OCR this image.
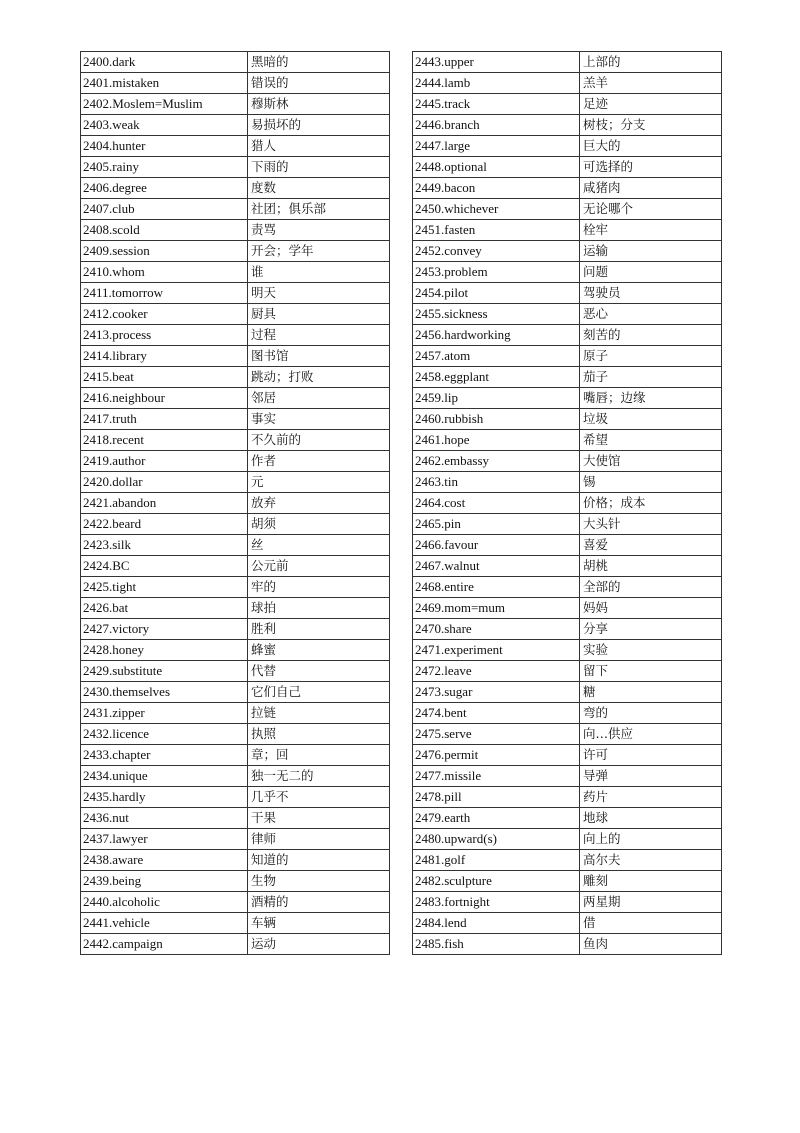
2400.dark	黑暗的
2401.mistaken	错误的
2402.Moslem=Muslim	穆斯林
2403.weak	易损坏的
2404.hunter	猎人
2405.rainy	下雨的
2406.degree	度数
2407.club	社团；俱乐部
2408.scold	责骂
2409.session	开会；学年
2410.whom	谁
2411.tomorrow	明天
2412.cooker	厨具
2413.process	过程
2414.library	图书馆
2415.beat	跳动；打败
2416.neighbour	邻居
2417.truth	事实
2418.recent	不久前的
2419.author	作者
2420.dollar	元
2421.abandon	放弃
2422.beard	胡须
2423.silk	丝
2424.BC	公元前
2425.tight	牢的
2426.bat	球拍
2427.victory	胜利
2428.honey	蜂蜜
2429.substitute	代替
2430.themselves	它们自己
2431.zipper	拉链
2432.licence	执照
2433.chapter	章；回
2434.unique	独一无二的
2435.hardly	几乎不
2436.nut	干果
2437.lawyer	律师
2438.aware	知道的
2439.being	生物
2440.alcoholic	酒精的
2441.vehicle	车辆
2442.campaign	运动
2443.upper	上部的
2444.lamb	羔羊
2445.track	足迹
2446.branch	树枝；分支
2447.large	巨大的
2448.optional	可选择的
2449.bacon	咸猪肉
2450.whichever	无论哪个
2451.fasten	栓牢
2452.convey	运输
2453.problem	问题
2454.pilot	驾驶员
2455.sickness	恶心
2456.hardworking	刻苦的
2457.atom	原子
2458.eggplant	茄子
2459.lip	嘴唇；边缘
2460.rubbish	垃圾
2461.hope	希望
2462.embassy	大使馆
2463.tin	锡
2464.cost	价格；成本
2465.pin	大头针
2466.favour	喜爱
2467.walnut	胡桃
2468.entire	全部的
2469.mom=mum	妈妈
2470.share	分享
2471.experiment	实验
2472.leave	留下
2473.sugar	糖
2474.bent	弯的
2475.serve	向…供应
2476.permit	许可
2477.missile	导弹
2478.pill	药片
2479.earth	地球
2480.upward(s)	向上的
2481.golf	高尔夫
2482.sculpture	雕刻
2483.fortnight	两星期
2484.lend	借
2485.fish	鱼肉
